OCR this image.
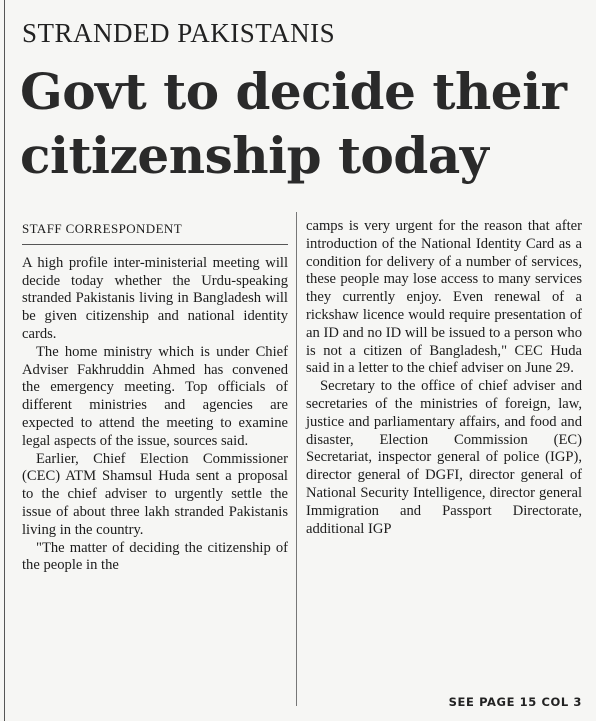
STRANDED PAKISTANIS
Govt to decide their
citizenship today
STAFF CORRESPONDENT

A high profile inter-ministerial meeting will decide today whether the Urdu-speaking stranded Pakistanis living in Bangladesh will be given citizenship and national identity cards.

The home ministry which is under Chief Adviser Fakhruddin Ahmed has convened the emergency meeting. Top officials of different ministries and agencies are expected to attend the meeting to examine legal aspects of the issue, sources said.

Earlier, Chief Election Commissioner (CEC) ATM Shamsul Huda sent a proposal to the chief adviser to urgently settle the issue of about three lakh stranded Pakistanis living in the country.

"The matter of deciding the citizenship of the people in the

camps is very urgent for the reason that after introduction of the National Identity Card as a condition for delivery of a number of services, these people may lose access to many services they currently enjoy. Even renewal of a rickshaw licence would require presentation of an ID and no ID will be issued to a person who is not a citizen of Bangladesh," CEC Huda said in a letter to the chief adviser on June 29.

Secretary to the office of chief adviser and secretaries of the ministries of foreign, law, justice and parliamentary affairs, and food and disaster, Election Commission (EC) Secretariat, inspector general of police (IGP), director general of DGFI, director general of National Security Intelligence, director general Immigration and Passport Directorate, additional IGP

SEE PAGE 15 COL 3
